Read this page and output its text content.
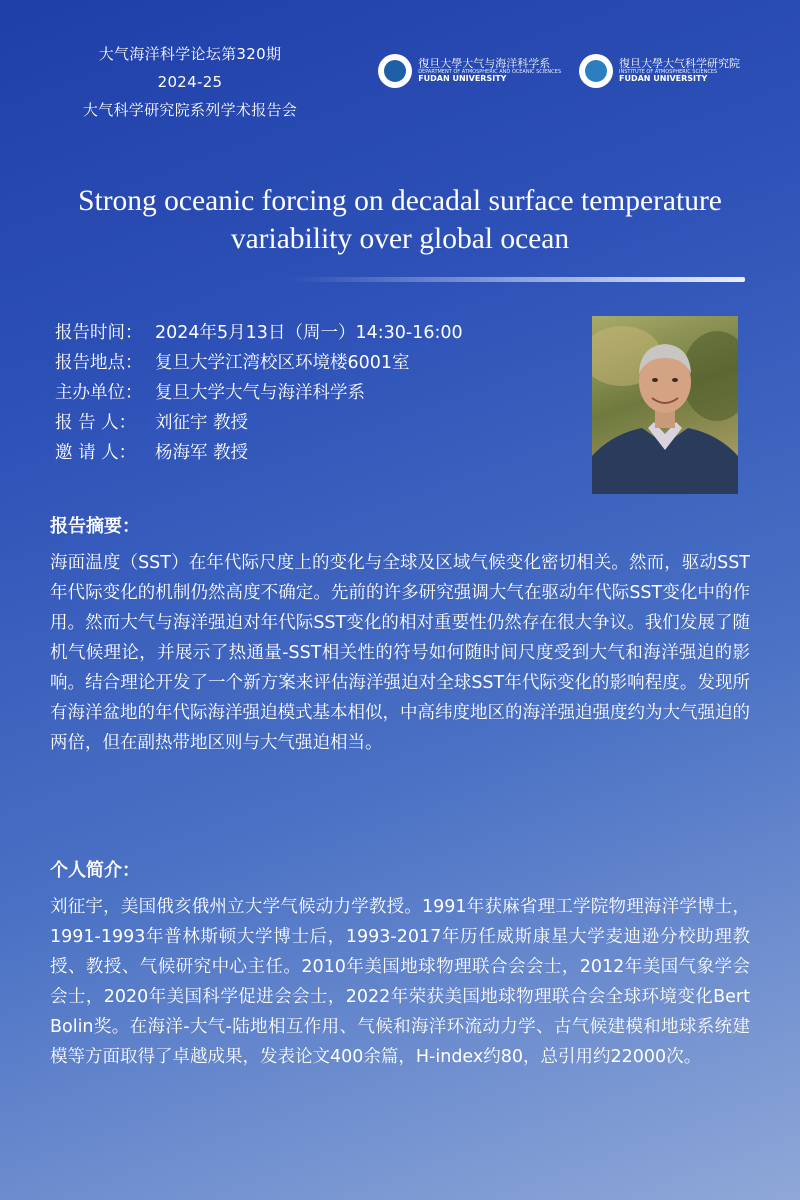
大气海洋科学论坛第320期
2024-25
大气科学研究院系列学术报告会
復旦大學大气与海洋科学系
DEPARTMENT OF ATMOSPHERIC AND OCEANIC SCIENCES
FUDAN UNIVERSITY
復旦大學大气科学研究院
INSTITUTE OF ATMOSPHERIC SCIENCES
FUDAN UNIVERSITY
Strong oceanic forcing on decadal surface temperature
variability over global ocean
报告时间： 2024年5月13日（周一）14:30-16:00
报告地点： 复旦大学江湾校区环境楼6001室
主办单位： 复旦大学大气与海洋科学系
报 告 人：	刘征宇 教授
邀 请 人：	杨海军 教授
报告摘要：
海面温度（SST）在年代际尺度上的变化与全球及区域气候变化密切相关。然而，驱动SST年代际变化的机制仍然高度不确定。先前的许多研究强调大气在驱动年代际SST变化中的作用。然而大气与海洋强迫对年代际SST变化的相对重要性仍然存在很大争议。我们发展了随机气候理论，并展示了热通量-SST相关性的符号如何随时间尺度受到大气和海洋强迫的影响。结合理论开发了一个新方案来评估海洋强迫对全球SST年代际变化的影响程度。发现所有海洋盆地的年代际海洋强迫模式基本相似，中高纬度地区的海洋强迫强度约为大气强迫的两倍，但在副热带地区则与大气强迫相当。
个人简介：
刘征宇，美国俄亥俄州立大学气候动力学教授。1991年获麻省理工学院物理海洋学博士，1991-1993年普林斯顿大学博士后，1993-2017年历任威斯康星大学麦迪逊分校助理教授、教授、气候研究中心主任。2010年美国地球物理联合会会士，2012年美国气象学会会士，2020年美国科学促进会会士，2022年荣获美国地球物理联合会全球环境变化Bert Bolin奖。在海洋-大气-陆地相互作用、气候和海洋环流动力学、古气候建模和地球系统建模等方面取得了卓越成果，发表论文400余篇，H-index约80，总引用约22000次。
